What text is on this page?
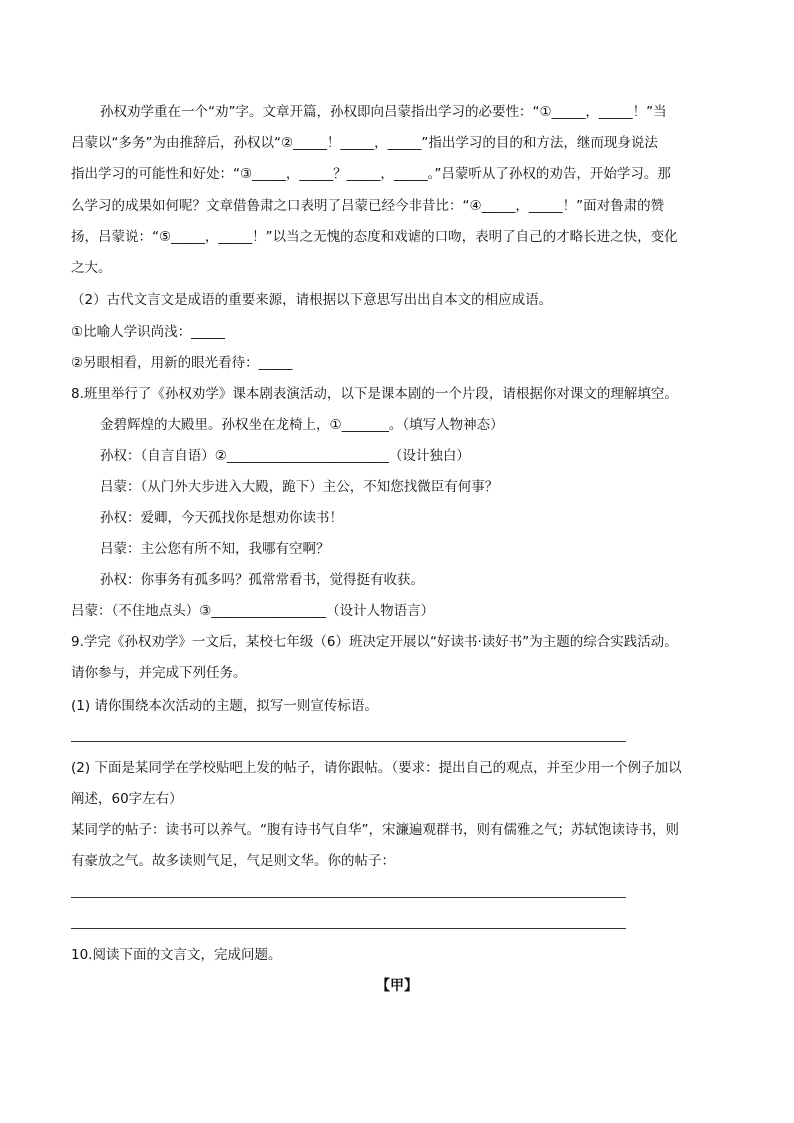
孙权劝学重在一个“劝”字。文章开篇，孙权即向吕蒙指出学习的必要性：“①_____，_____！”当
吕蒙以“多务”为由推辞后，孙权以“②_____！_____，_____”指出学习的目的和方法，继而现身说法
指出学习的可能性和好处：“③_____，_____？_____，_____。”吕蒙听从了孙权的劝告，开始学习。那
么学习的成果如何呢？文章借鲁肃之口表明了吕蒙已经今非昔比：“④_____，_____！”面对鲁肃的赞
扬，吕蒙说：“⑤_____，_____！”以当之无愧的态度和戏谑的口吻，表明了自己的才略长进之快，变化
之大。
（2）古代文言文是成语的重要来源，请根据以下意思写出出自本文的相应成语。
①比喻人学识尚浅：_____
②另眼相看，用新的眼光看待：_____
8.班里举行了《孙权劝学》课本剧表演活动，以下是课本剧的一个片段，请根据你对课文的理解填空。
金碧辉煌的大殿里。孙权坐在龙椅上，①_______。（填写人物神态）
孙权：（自言自语）②________________________（设计独白）
吕蒙：（从门外大步进入大殿，跪下）主公，不知您找微臣有何事？
孙权：爱卿，今天孤找你是想劝你读书！
吕蒙：主公您有所不知，我哪有空啊？
孙权：你事务有孤多吗？孤常常看书，觉得挺有收获。
吕蒙：（不住地点头）③_________________（设计人物语言）
9.学完《孙权劝学》一文后，某校七年级（6）班决定开展以“好读书·读好书”为主题的综合实践活动。
请你参与，并完成下列任务。
(1) 请你围绕本次活动的主题，拟写一则宣传标语。
(2) 下面是某同学在学校贴吧上发的帖子，请你跟帖。（要求：提出自己的观点，并至少用一个例子加以
阐述，60字左右）
某同学的帖子：读书可以养气。“腹有诗书气自华”，宋濂遍观群书，则有儒雅之气；苏轼饱读诗书，则
有豪放之气。故多读则气足，气足则文华。你的帖子：
10.阅读下面的文言文，完成问题。
【甲】
